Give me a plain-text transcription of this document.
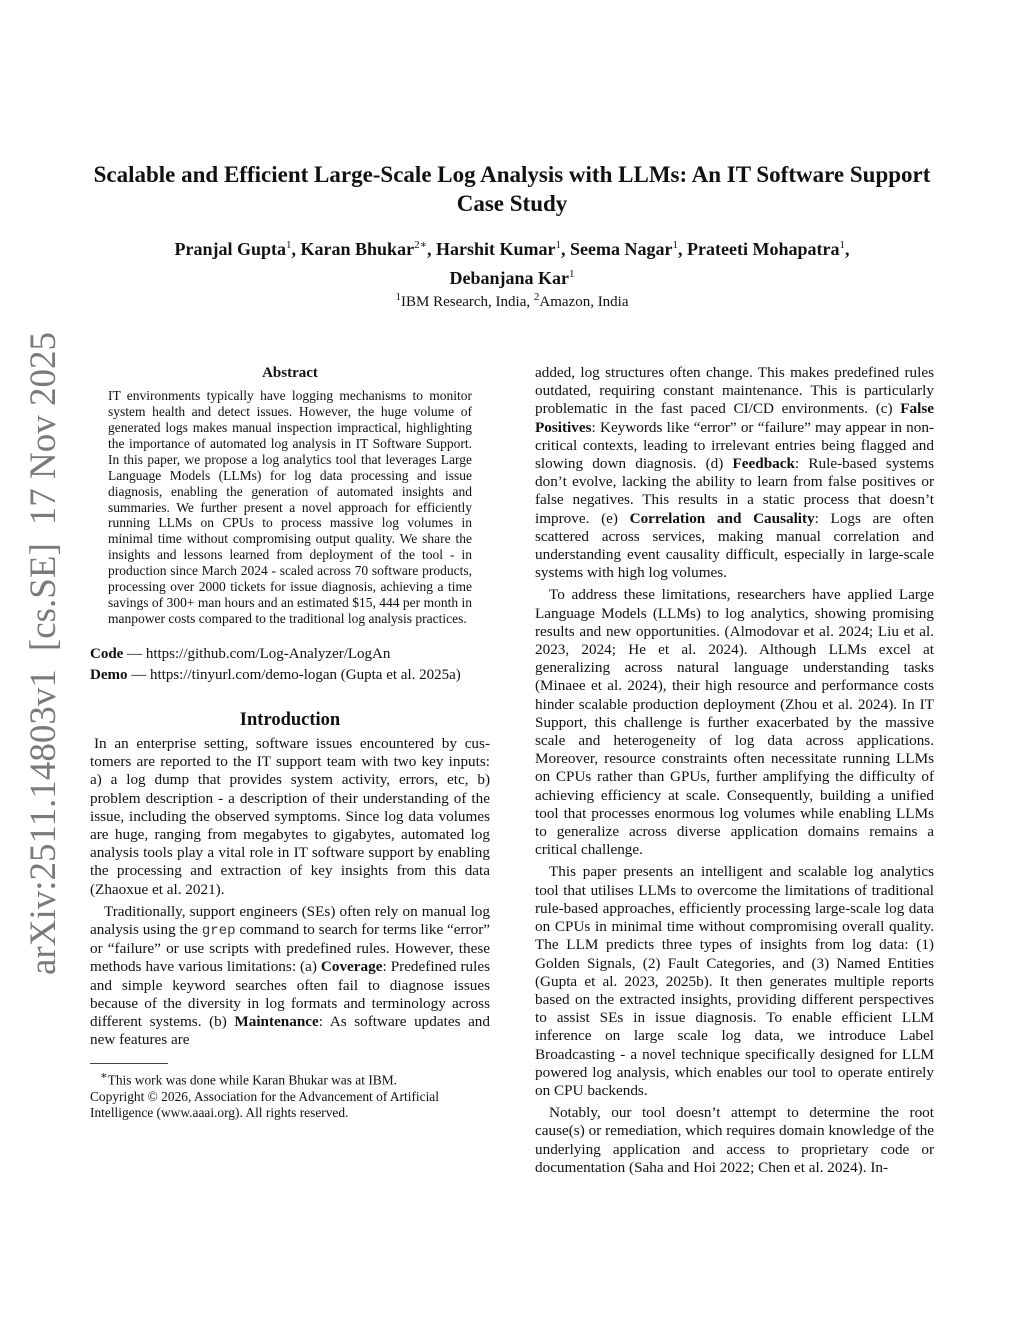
arXiv:2511.14803v1[cs.SE]17 Nov 2025
Scalable and Efficient Large-Scale Log Analysis with LLMs: An IT Software Support Case Study
Pranjal Gupta$^1$, Karan Bhukar$^{2∗}$, Harshit Kumar$^1$, Seema Nagar$^1$, Prateeti Mohapatra$^1$,
Debanjana Kar$^1$
$^1$IBM Research, India, $^2$Amazon, India
Abstract
IT environments typically have logging mechanisms to monitor system health and detect issues. However, the huge volume of generated logs makes manual inspection impractical, highlighting the importance of automated log analysis in IT Software Support. In this paper, we propose a log analytics tool that leverages Large Language Models (LLMs) for log data processing and issue diagnosis, enabling the generation of automated insights and summaries. We further present a novel approach for efficiently running LLMs on CPUs to process massive log volumes in minimal time without compromising output quality. We share the insights and lessons learned from deployment of the tool - in production since March 2024 - scaled across 70 software products, processing over 2000 tickets for issue diagnosis, achieving a time savings of 300+ man hours and an estimated $15, 444 per month in manpower costs compared to the traditional log analysis practices.

Code — https://github.com/Log-Analyzer/LogAn

Demo — https://tinyurl.com/demo-logan (Gupta et al. 2025a)

Introduction

In an enterprise setting, software issues encountered by customers are reported to the IT support team with two key inputs: a) a log dump that provides system activity, errors, etc, b) problem description - a description of their understanding of the issue, including the observed symptoms. Since log data volumes are huge, ranging from megabytes to gigabytes, automated log analysis tools play a vital role in IT software support by enabling the processing and extraction of key insights from this data (Zhaoxue et al. 2021).

Traditionally, support engineers (SEs) often rely on manual log analysis using the grep command to search for terms like “error” or “failure” or use scripts with predefined rules. However, these methods have various limitations: (a) Coverage: Predefined rules and simple keyword searches often fail to diagnose issues because of the diversity in log formats and terminology across different systems. (b) Maintenance: As software updates and new features are

∗This work was done while Karan Bhukar was at IBM.

Copyright © 2026, Association for the Advancement of Artificial Intelligence (www.aaai.org). All rights reserved.

added, log structures often change. This makes predefined rules outdated, requiring constant maintenance. This is particularly problematic in the fast paced CI/CD environments. (c) False Positives: Keywords like “error” or “failure” may appear in non-critical contexts, leading to irrelevant entries being flagged and slowing down diagnosis. (d) Feedback: Rule-based systems don’t evolve, lacking the ability to learn from false positives or false negatives. This results in a static process that doesn’t improve. (e) Correlation and Causality: Logs are often scattered across services, making manual correlation and understanding event causality difficult, especially in large-scale systems with high log volumes.

To address these limitations, researchers have applied Large Language Models (LLMs) to log analytics, showing promising results and new opportunities. (Almodovar et al. 2024; Liu et al. 2023, 2024; He et al. 2024). Although LLMs excel at generalizing across natural language understanding tasks (Minaee et al. 2024), their high resource and performance costs hinder scalable production deployment (Zhou et al. 2024). In IT Support, this challenge is further exacerbated by the massive scale and heterogeneity of log data across applications. Moreover, resource constraints often necessitate running LLMs on CPUs rather than GPUs, further amplifying the difficulty of achieving efficiency at scale. Consequently, building a unified tool that processes enormous log volumes while enabling LLMs to generalize across diverse application domains remains a critical challenge.

This paper presents an intelligent and scalable log analytics tool that utilises LLMs to overcome the limitations of traditional rule-based approaches, efficiently processing large-scale log data on CPUs in minimal time without compromising overall quality. The LLM predicts three types of insights from log data: (1) Golden Signals, (2) Fault Categories, and (3) Named Entities (Gupta et al. 2023, 2025b). It then generates multiple reports based on the extracted insights, providing different perspectives to assist SEs in issue diagnosis. To enable efficient LLM inference on large scale log data, we introduce Label Broadcasting - a novel technique specifically designed for LLM powered log analysis, which enables our tool to operate entirely on CPU backends.

Notably, our tool doesn’t attempt to determine the root cause(s) or remediation, which requires domain knowledge of the underlying application and access to proprietary code or documentation (Saha and Hoi 2022; Chen et al. 2024). In-
